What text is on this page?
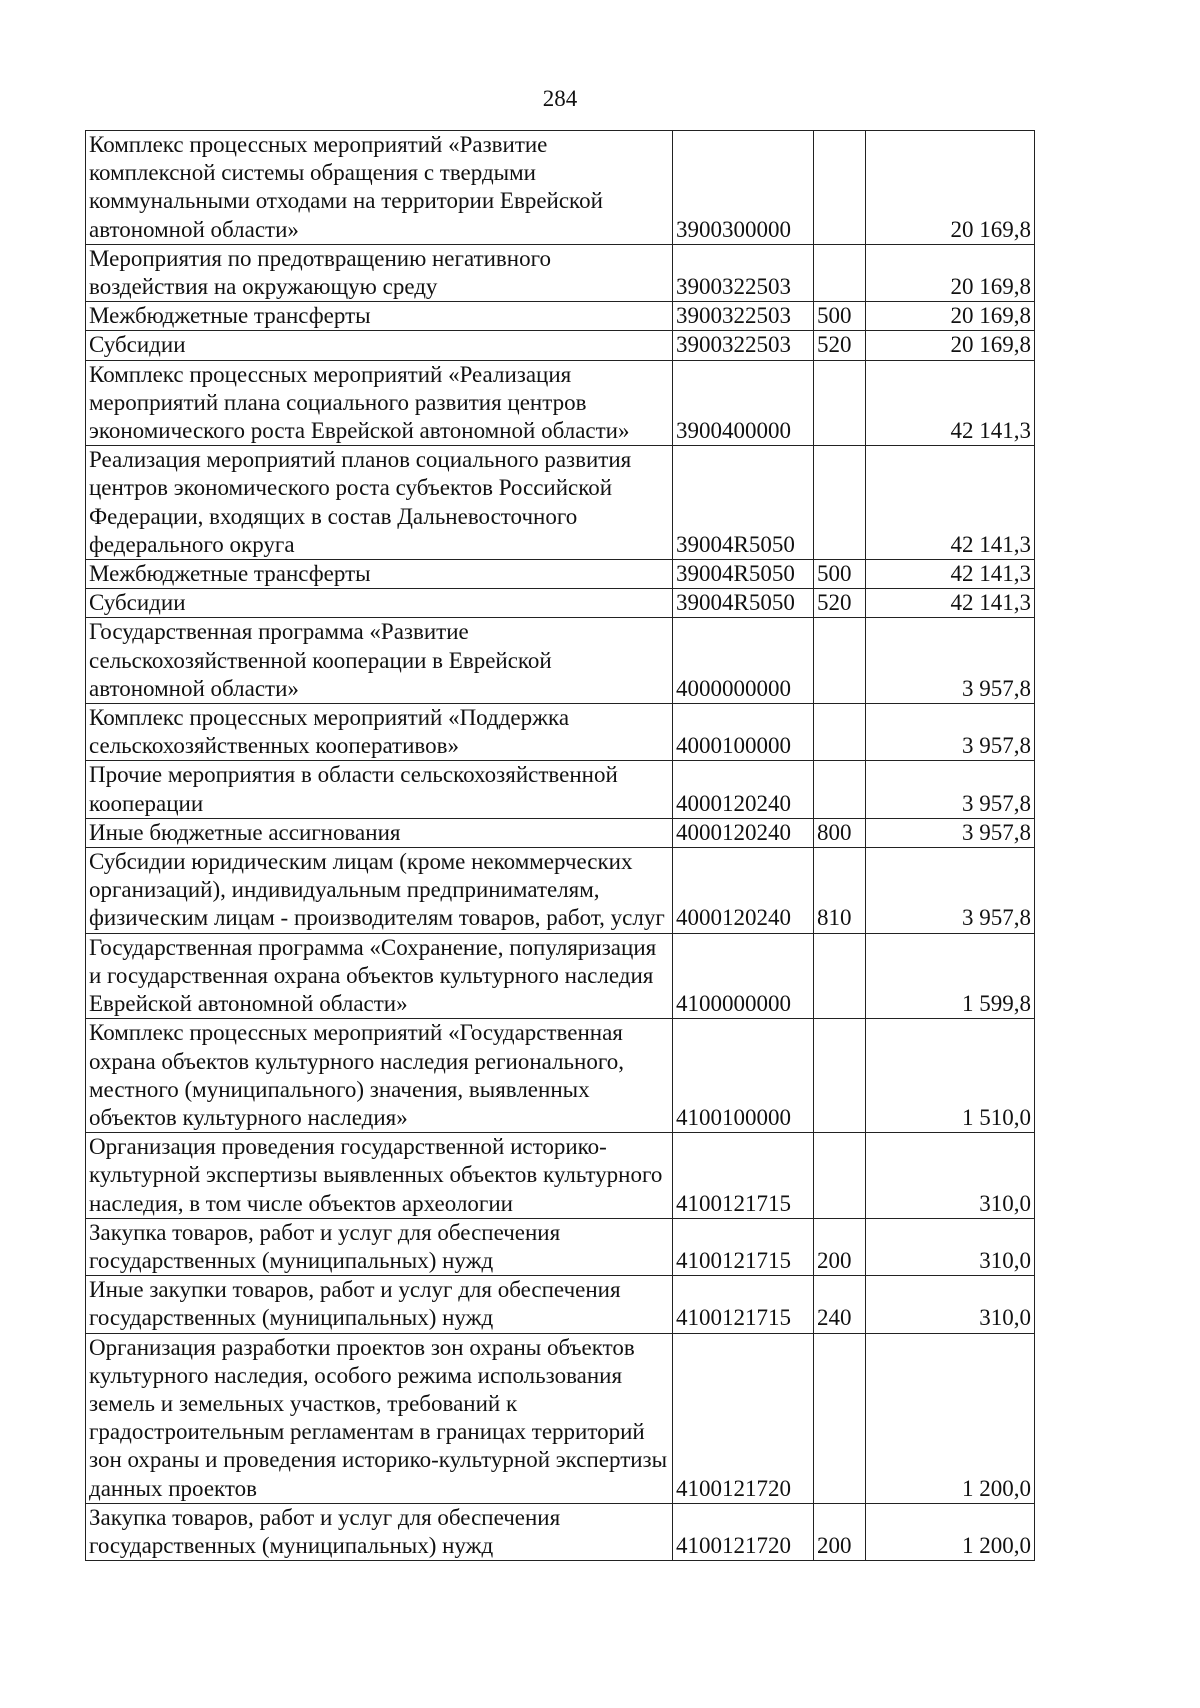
284
Комплекс процессных мероприятий «Развитие комплексной системы обращения с твердыми коммунальными отходами на территории Еврейской автономной области»	3900300000		20 169,8
Мероприятия по предотвращению негативного воздействия на окружающую среду	3900322503		20 169,8
Межбюджетные трансферты	3900322503	500	20 169,8
Субсидии	3900322503	520	20 169,8
Комплекс процессных мероприятий «Реализация мероприятий плана социального развития центров экономического роста Еврейской автономной области»	3900400000		42 141,3
Реализация мероприятий планов социального развития центров экономического роста субъектов Российской Федерации, входящих в состав Дальневосточного федерального округа	39004R5050		42 141,3
Межбюджетные трансферты	39004R5050	500	42 141,3
Субсидии	39004R5050	520	42 141,3
Государственная программа «Развитие сельскохозяйственной кооперации в Еврейской автономной области»	4000000000		3 957,8
Комплекс процессных мероприятий «Поддержка сельскохозяйственных кооперативов»	4000100000		3 957,8
Прочие мероприятия в области сельскохозяйственной кооперации	4000120240		3 957,8
Иные бюджетные ассигнования	4000120240	800	3 957,8
Субсидии юридическим лицам (кроме некоммерческих организаций), индивидуальным предпринимателям, физическим лицам - производителям товаров, работ, услуг	4000120240	810	3 957,8
Государственная программа «Сохранение, популяризация и государственная охрана объектов культурного наследия Еврейской автономной области»	4100000000		1 599,8
Комплекс процессных мероприятий «Государственная охрана объектов культурного наследия регионального, местного (муниципального) значения, выявленных объектов культурного наследия»	4100100000		1 510,0
Организация проведения государственной историко-культурной экспертизы выявленных объектов культурного наследия, в том числе объектов археологии	4100121715		310,0
Закупка товаров, работ и услуг для обеспечения государственных (муниципальных) нужд	4100121715	200	310,0
Иные закупки товаров, работ и услуг для обеспечения государственных (муниципальных) нужд	4100121715	240	310,0
Организация разработки проектов зон охраны объектов культурного наследия, особого режима использования земель и земельных участков, требований к градостроительным регламентам в границах территорий зон охраны и проведения историко-культурной экспертизы данных проектов	4100121720		1 200,0
Закупка товаров, работ и услуг для обеспечения государственных (муниципальных) нужд	4100121720	200	1 200,0
